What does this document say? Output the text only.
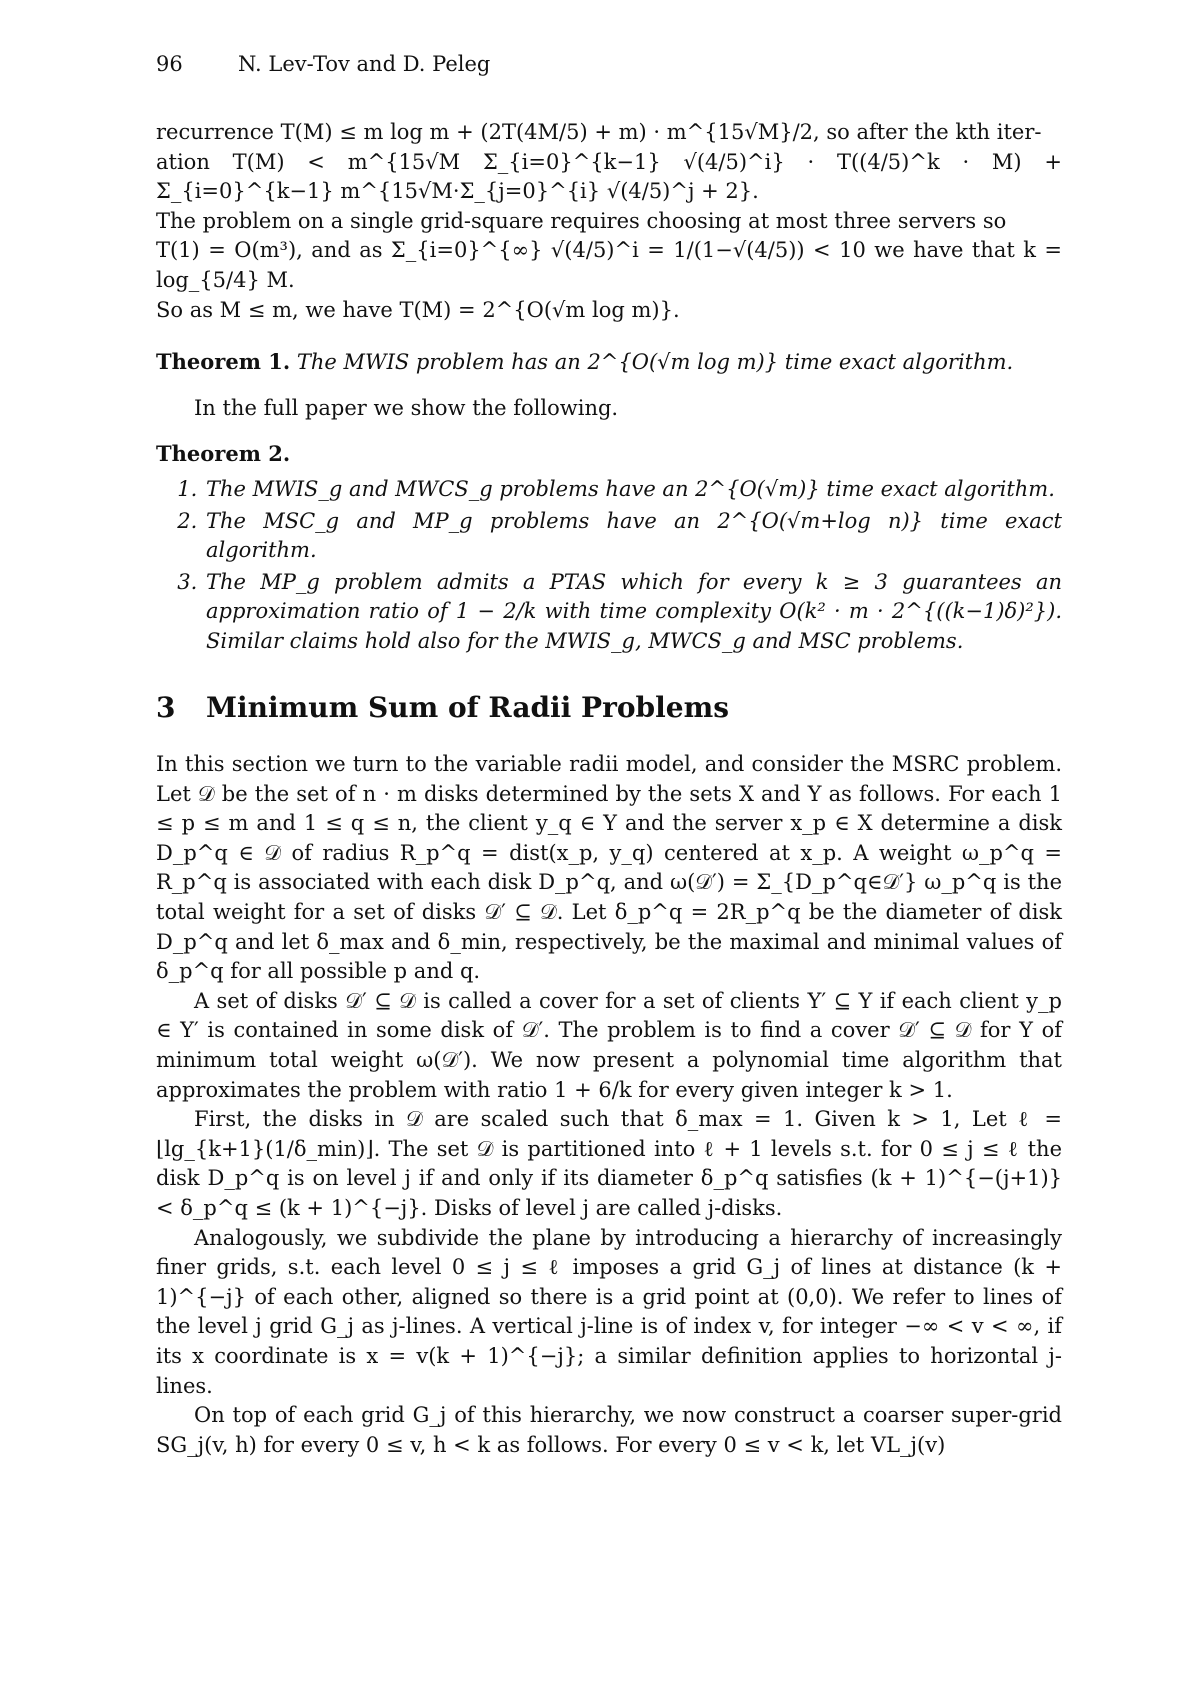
96	N. Lev-Tov and D. Peleg

recurrence T(M) ≤ m log m + (2T(4M/5) + m) · m^{15√M}/2, so after the kth iter-

ation T(M) < m^{15√M Σ_{i=0}^{k−1} √(4/5)^i} · T((4/5)^k · M) + Σ_{i=0}^{k−1} m^{15√M·Σ_{j=0}^{i} √(4/5)^j + 2}.

The problem on a single grid-square requires choosing at most three servers so

T(1) = O(m³), and as Σ_{i=0}^{∞} √(4/5)^i = 1/(1−√(4/5)) < 10 we have that k = log_{5/4} M.

So as M ≤ m, we have T(M) = 2^{O(√m log m)}.

Theorem 1. The MWIS problem has an 2^{O(√m log m)} time exact algorithm.

In the full paper we show the following.

Theorem 2.

1. The MWIS_g and MWCS_g problems have an 2^{O(√m)} time exact algorithm.
2. The MSC_g and MP_g problems have an 2^{O(√m+log n)} time exact algorithm.
3. The MP_g problem admits a PTAS which for every k ≥ 3 guarantees an approximation ratio of 1 − 2/k with time complexity O(k² · m · 2^{((k−1)δ)²}). Similar claims hold also for the MWIS_g, MWCS_g and MSC problems.
3 Minimum Sum of Radii Problems

In this section we turn to the variable radii model, and consider the MSRC problem. Let 𝒟 be the set of n · m disks determined by the sets X and Y as follows. For each 1 ≤ p ≤ m and 1 ≤ q ≤ n, the client y_q ∈ Y and the server x_p ∈ X determine a disk D_p^q ∈ 𝒟 of radius R_p^q = dist(x_p, y_q) centered at x_p. A weight ω_p^q = R_p^q is associated with each disk D_p^q, and ω(𝒟′) = Σ_{D_p^q∈𝒟′} ω_p^q is the total weight for a set of disks 𝒟′ ⊆ 𝒟. Let δ_p^q = 2R_p^q be the diameter of disk D_p^q and let δ_max and δ_min, respectively, be the maximal and minimal values of δ_p^q for all possible p and q.

A set of disks 𝒟′ ⊆ 𝒟 is called a cover for a set of clients Y′ ⊆ Y if each client y_p ∈ Y′ is contained in some disk of 𝒟′. The problem is to find a cover 𝒟′ ⊆ 𝒟 for Y of minimum total weight ω(𝒟′). We now present a polynomial time algorithm that approximates the problem with ratio 1 + 6/k for every given integer k > 1.

First, the disks in 𝒟 are scaled such that δ_max = 1. Given k > 1, Let ℓ = ⌊lg_{k+1}(1/δ_min)⌋. The set 𝒟 is partitioned into ℓ + 1 levels s.t. for 0 ≤ j ≤ ℓ the disk D_p^q is on level j if and only if its diameter δ_p^q satisfies (k + 1)^{−(j+1)} < δ_p^q ≤ (k + 1)^{−j}. Disks of level j are called j-disks.

Analogously, we subdivide the plane by introducing a hierarchy of increasingly finer grids, s.t. each level 0 ≤ j ≤ ℓ imposes a grid G_j of lines at distance (k + 1)^{−j} of each other, aligned so there is a grid point at (0,0). We refer to lines of the level j grid G_j as j-lines. A vertical j-line is of index v, for integer −∞ < v < ∞, if its x coordinate is x = v(k + 1)^{−j}; a similar definition applies to horizontal j-lines.

On top of each grid G_j of this hierarchy, we now construct a coarser super-grid SG_j(v, h) for every 0 ≤ v, h < k as follows. For every 0 ≤ v < k, let VL_j(v)
